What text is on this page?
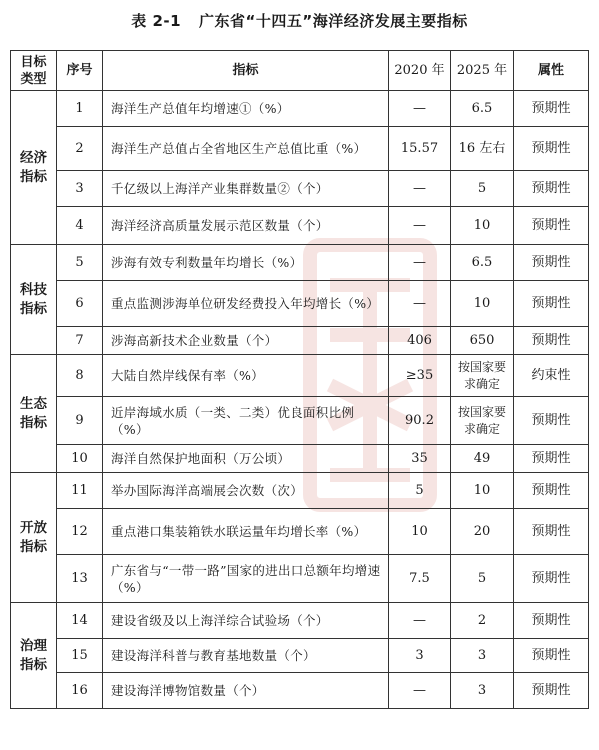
表 2-1 广东省“十四五”海洋经济发展主要指标
目标类型	序号	指标	2020 年	2025 年	属性
经济指标	1	海洋生产总值年均增速①（%）	—	6.5	预期性
	2	海洋生产总值占全省地区生产总值比重（%）	15.57	16 左右	预期性
	3	千亿级以上海洋产业集群数量②（个）	—	5	预期性
	4	海洋经济高质量发展示范区数量（个）	—	10	预期性
科技指标	5	涉海有效专利数量年均增长（%）	—	6.5	预期性
	6	重点监测涉海单位研发经费投入年均增长（%）	—	10	预期性
	7	涉海高新技术企业数量（个）	406	650	预期性
生态指标	8	大陆自然岸线保有率（%）	≥35	按国家要求确定	约束性
	9	近岸海域水质（一类、二类）优良面积比例（%）	90.2	按国家要求确定	预期性
	10	海洋自然保护地面积（万公顷）	35	49	预期性
开放指标	11	举办国际海洋高端展会次数（次）	5	10	预期性
	12	重点港口集装箱铁水联运量年均增长率（%）	10	20	预期性
	13	广东省与“一带一路”国家的进出口总额年均增速（%）	7.5	5	预期性
治理指标	14	建设省级及以上海洋综合试验场（个）	—	2	预期性
	15	建设海洋科普与教育基地数量（个）	3	3	预期性
	16	建设海洋博物馆数量（个）	—	3	预期性
